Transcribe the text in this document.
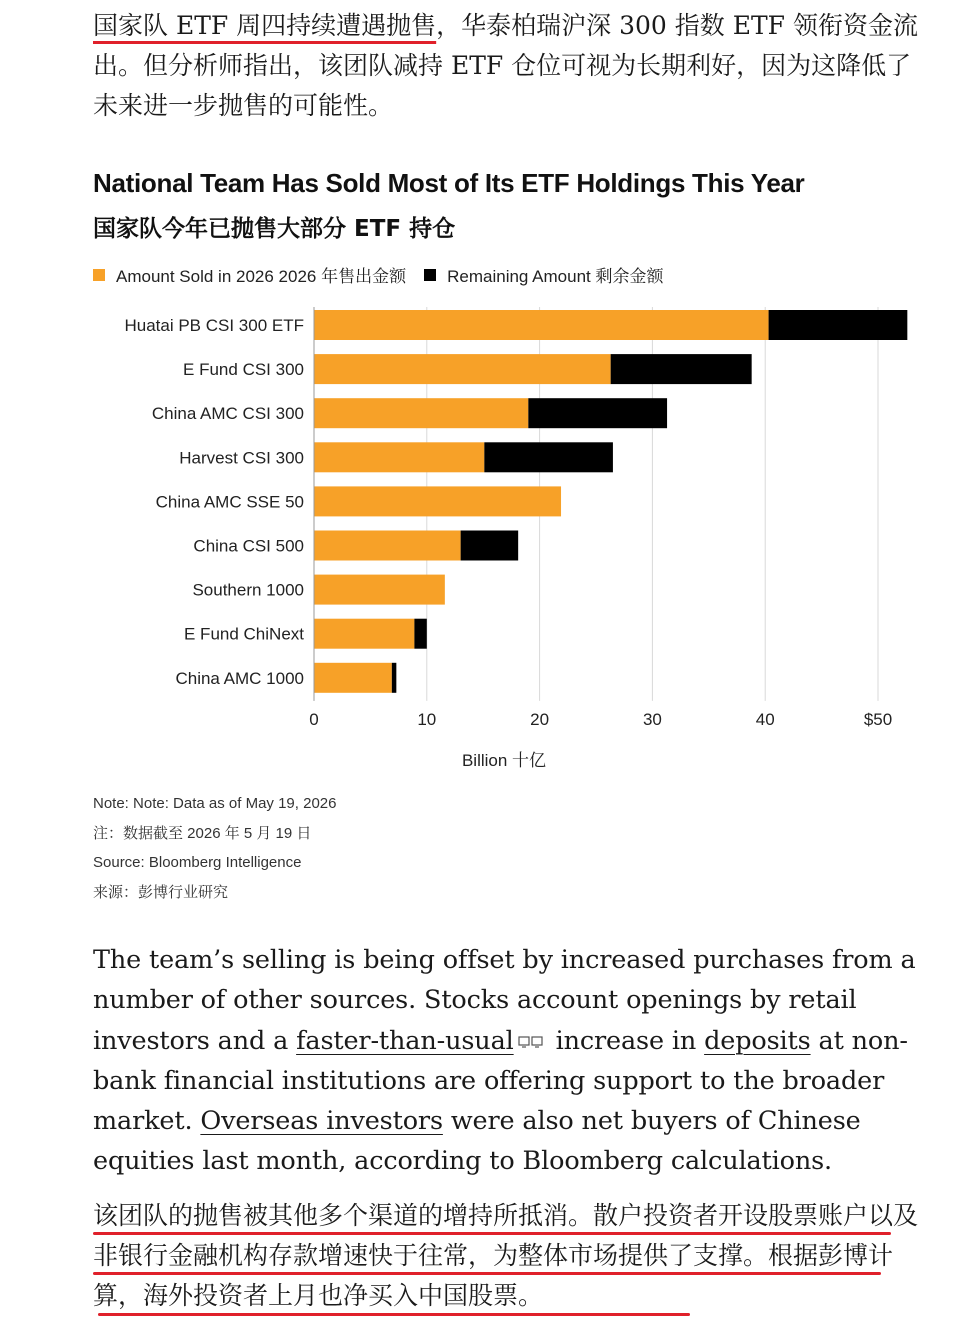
国家队 ETF 周四持续遭遇抛售，华泰柏瑞沪深 300 指数 ETF 领衔资金流出。但分析师指出，该团队减持 ETF 仓位可视为长期利好，因为这降低了未来进一步抛售的可能性。

National Team Has Sold Most of Its ETF Holdings This Year
国家队今年已抛售大部分 ETF 持仓
Amount Sold in 2026 2026 年售出金额 Remaining Amount 剩余金额
Huatai PB CSI 300 ETF
E Fund CSI 300
China AMC CSI 300
Harvest CSI 300
China AMC SSE 50
China CSI 500
Southern 1000
E Fund ChiNext
China AMC 1000
0	10	20	30	40	$50
Billion 十亿
Note: Note: Data as of May 19, 2026
注：数据截至 2026 年 5 月 19 日
Source: Bloomberg Intelligence
来源：彭博行业研究

The team’s selling is being offset by increased purchases from a number of other sources. Stocks account openings by retail investors and a faster-than-usual increase in deposits at non-bank financial institutions are offering support to the broader market. Overseas investors were also net buyers of Chinese equities last month, according to Bloomberg calculations.

该团队的抛售被其他多个渠道的增持所抵消。散户投资者开设股票账户以及非银行金融机构存款增速快于往常，为整体市场提供了支撑。根据彭博计算，海外投资者上月也净买入中国股票。
